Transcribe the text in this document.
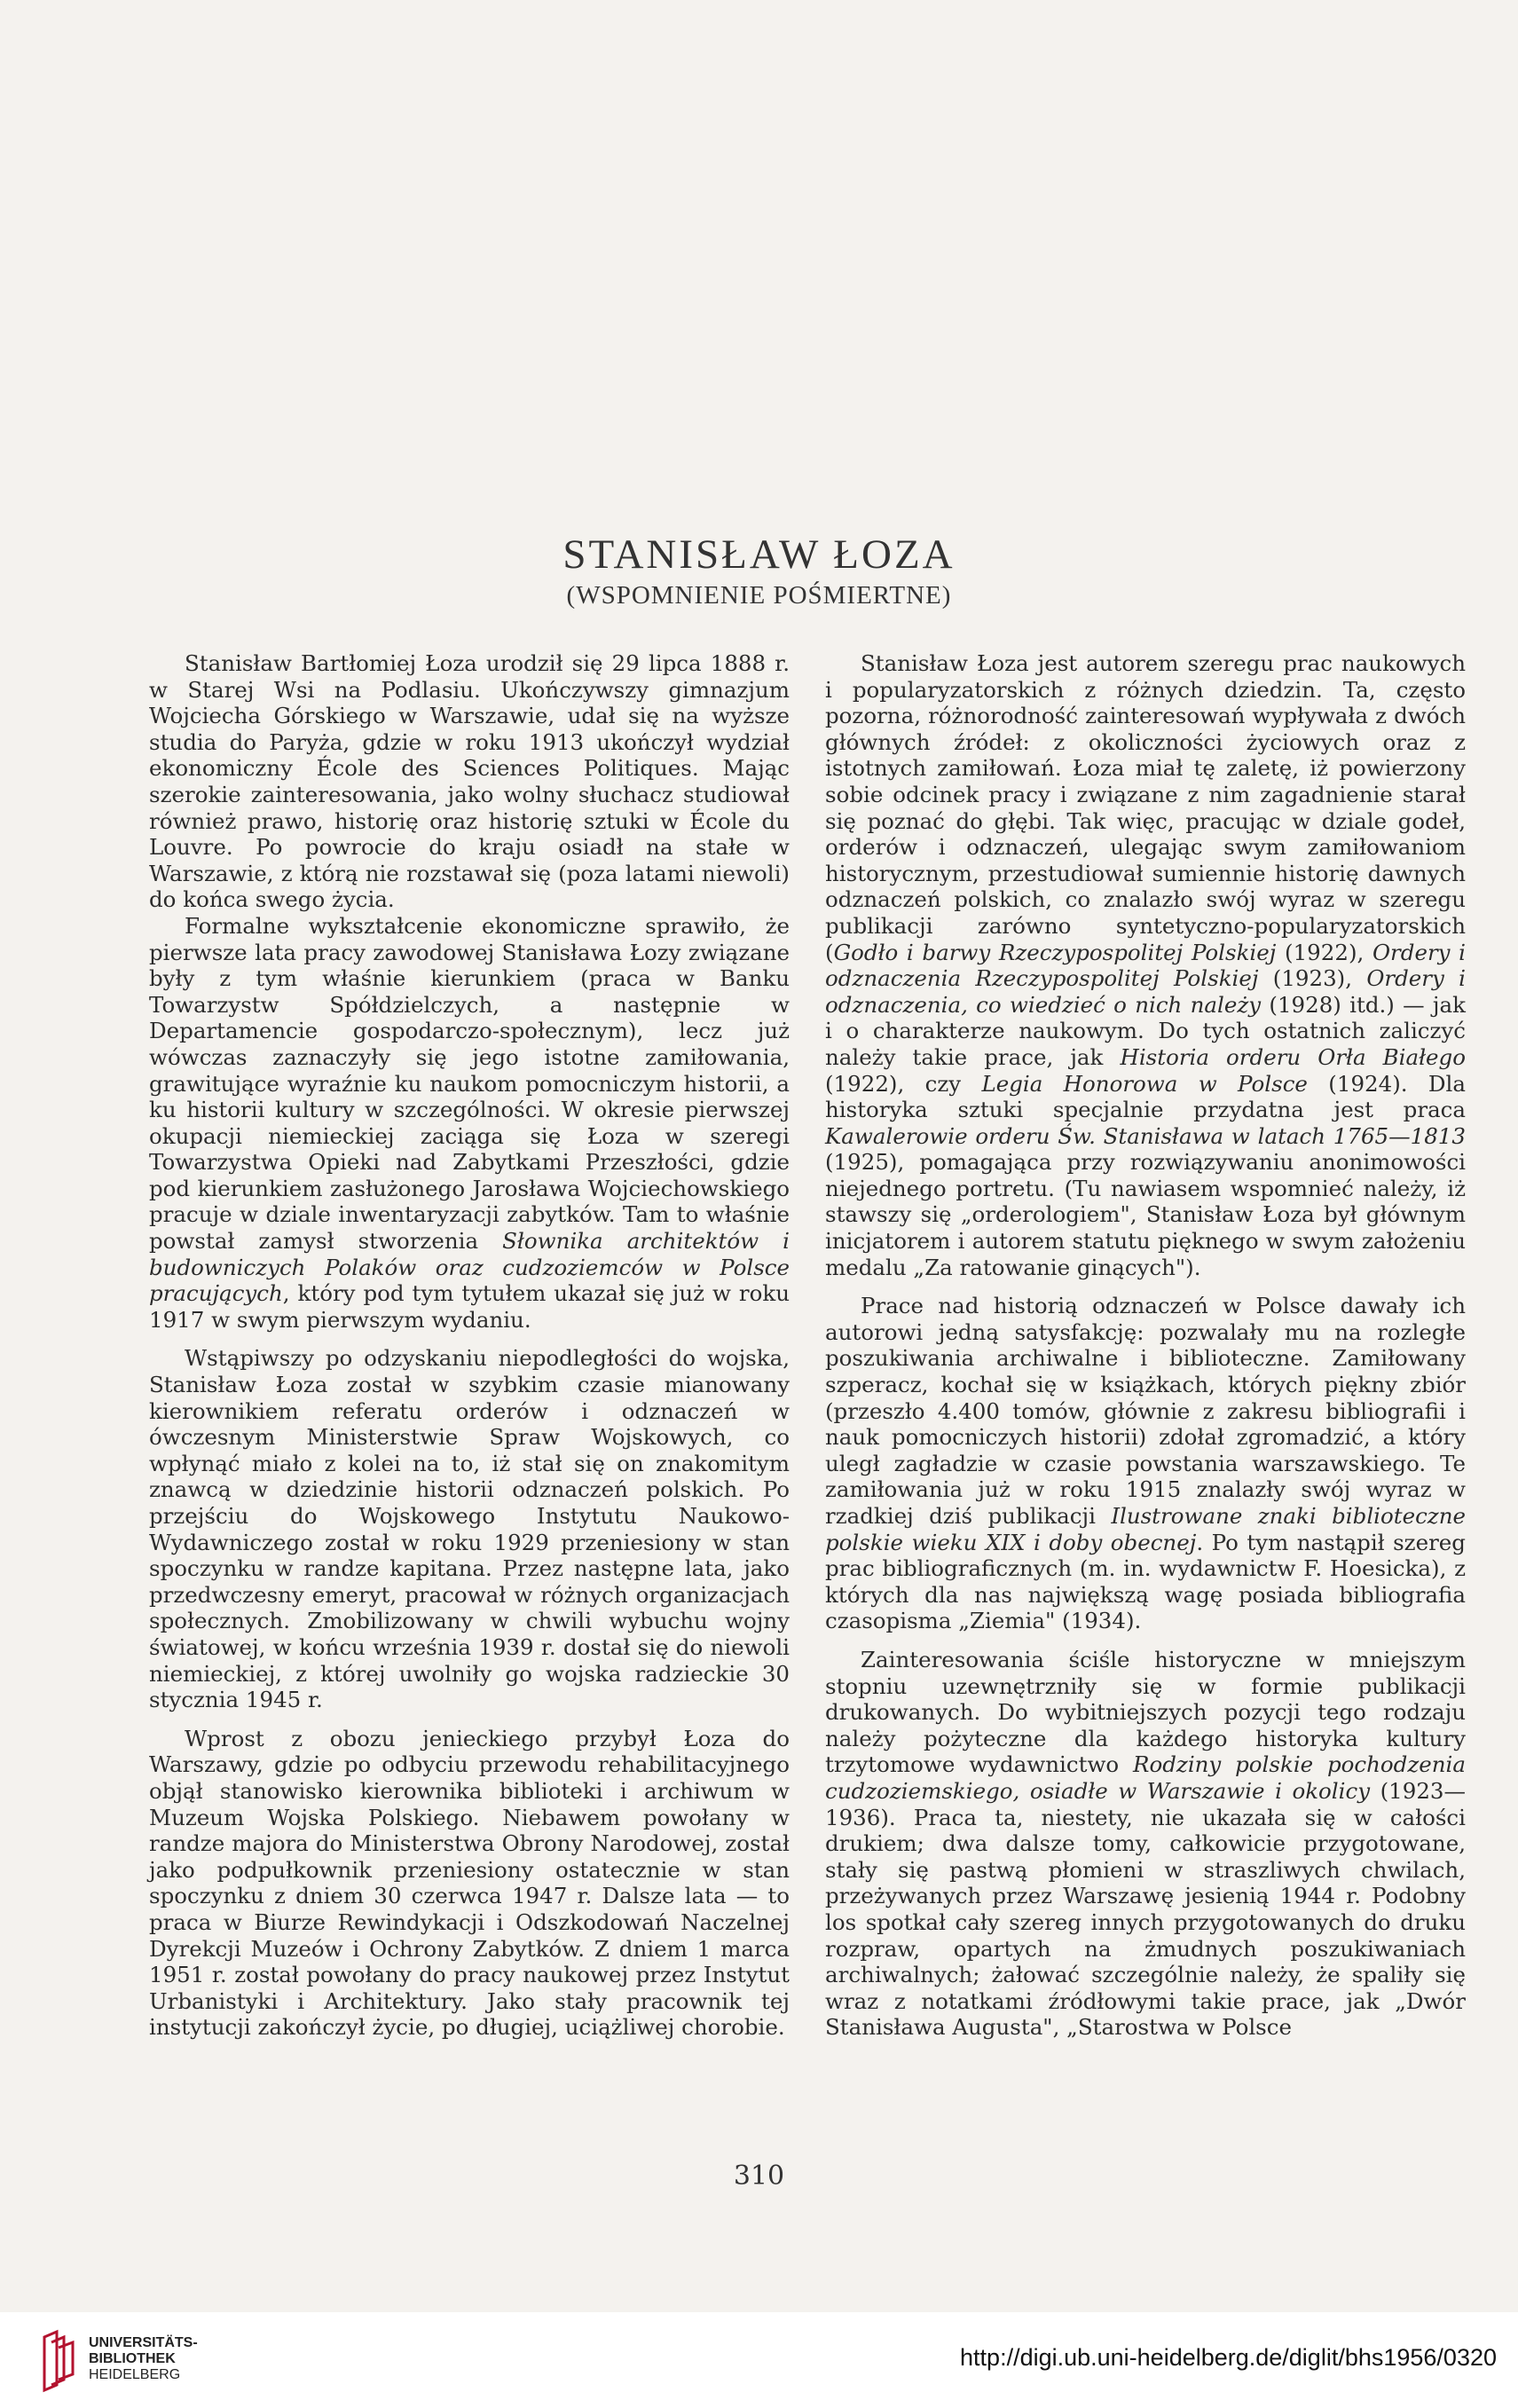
STANISŁAW ŁOZA
(WSPOMNIENIE POŚMIERTNE)

Stanisław Bartłomiej Łoza urodził się 29 lipca 1888 r. w Starej Wsi na Podlasiu. Ukończywszy gimnazjum Wojciecha Górskiego w Warszawie, udał się na wyższe studia do Paryża, gdzie w roku 1913 ukończył wydział ekonomiczny École des Sciences Politiques. Mając szerokie zainteresowania, jako wolny słuchacz studiował również prawo, historię oraz historię sztuki w École du Louvre. Po powrocie do kraju osiadł na stałe w Warszawie, z którą nie rozstawał się (poza latami niewoli) do końca swego życia.

Formalne wykształcenie ekonomiczne sprawiło, że pierwsze lata pracy zawodowej Stanisława Łozy związane były z tym właśnie kierunkiem (praca w Banku Towarzystw Spółdzielczych, a następnie w Departamencie gospodarczo-społecznym), lecz już wówczas zaznaczyły się jego istotne zamiłowania, grawitujące wyraźnie ku naukom pomocniczym historii, a ku historii kultury w szczególności. W okresie pierwszej okupacji niemieckiej zaciąga się Łoza w szeregi Towarzystwa Opieki nad Zabytkami Przeszłości, gdzie pod kierunkiem zasłużonego Jarosława Wojciechowskiego pracuje w dziale inwentaryzacji zabytków. Tam to właśnie powstał zamysł stworzenia Słownika architektów i budowniczych Polaków oraz cudzoziemców w Polsce pracujących, który pod tym tytułem ukazał się już w roku 1917 w swym pierwszym wydaniu.

Wstąpiwszy po odzyskaniu niepodległości do wojska, Stanisław Łoza został w szybkim czasie mianowany kierownikiem referatu orderów i odznaczeń w ówczesnym Ministerstwie Spraw Wojskowych, co wpłynąć miało z kolei na to, iż stał się on znakomitym znawcą w dziedzinie historii odznaczeń polskich. Po przejściu do Wojskowego Instytutu Naukowo-Wydawniczego został w roku 1929 przeniesiony w stan spoczynku w randze kapitana. Przez następne lata, jako przedwczesny emeryt, pracował w różnych organizacjach społecznych. Zmobilizowany w chwili wybuchu wojny światowej, w końcu września 1939 r. dostał się do niewoli niemieckiej, z której uwolniły go wojska radzieckie 30 stycznia 1945 r.

Wprost z obozu jenieckiego przybył Łoza do Warszawy, gdzie po odbyciu przewodu rehabilitacyjnego objął stanowisko kierownika biblioteki i archiwum w Muzeum Wojska Polskiego. Niebawem powołany w randze majora do Ministerstwa Obrony Narodowej, został jako podpułkownik przeniesiony ostatecznie w stan spoczynku z dniem 30 czerwca 1947 r. Dalsze lata — to praca w Biurze Rewindykacji i Odszkodowań Naczelnej Dyrekcji Muzeów i Ochrony Zabytków. Z dniem 1 marca 1951 r. został powołany do pracy naukowej przez Instytut Urbanistyki i Architektury. Jako stały pracownik tej instytucji zakończył życie, po długiej, uciążliwej chorobie.

Stanisław Łoza jest autorem szeregu prac naukowych i popularyzatorskich z różnych dziedzin. Ta, często pozorna, różnorodność zainteresowań wypływała z dwóch głównych źródeł: z okoliczności życiowych oraz z istotnych zamiłowań. Łoza miał tę zaletę, iż powierzony sobie odcinek pracy i związane z nim zagadnienie starał się poznać do głębi. Tak więc, pracując w dziale godeł, orderów i odznaczeń, ulegając swym zamiłowaniom historycznym, przestudiował sumiennie historię dawnych odznaczeń polskich, co znalazło swój wyraz w szeregu publikacji zarówno syntetyczno-popularyzatorskich (Godło i barwy Rzeczypospolitej Polskiej (1922), Ordery i odznaczenia Rzeczypospolitej Polskiej (1923), Ordery i odznaczenia, co wiedzieć o nich należy (1928) itd.) — jak i o charakterze naukowym. Do tych ostatnich zaliczyć należy takie prace, jak Historia orderu Orła Białego (1922), czy Legia Honorowa w Polsce (1924). Dla historyka sztuki specjalnie przydatna jest praca Kawalerowie orderu Św. Stanisława w latach 1765—1813 (1925), pomagająca przy rozwiązywaniu anonimowości niejednego portretu. (Tu nawiasem wspomnieć należy, iż stawszy się „orderologiem", Stanisław Łoza był głównym inicjatorem i autorem statutu pięknego w swym założeniu medalu „Za ratowanie ginących").

Prace nad historią odznaczeń w Polsce dawały ich autorowi jedną satysfakcję: pozwalały mu na rozległe poszukiwania archiwalne i biblioteczne. Zamiłowany szperacz, kochał się w książkach, których piękny zbiór (przeszło 4.400 tomów, głównie z zakresu bibliografii i nauk pomocniczych historii) zdołał zgromadzić, a który uległ zagładzie w czasie powstania warszawskiego. Te zamiłowania już w roku 1915 znalazły swój wyraz w rzadkiej dziś publikacji Ilustrowane znaki biblioteczne polskie wieku XIX i doby obecnej. Po tym nastąpił szereg prac bibliograficznych (m. in. wydawnictw F. Hoesicka), z których dla nas największą wagę posiada bibliografia czasopisma „Ziemia" (1934).

Zainteresowania ściśle historyczne w mniejszym stopniu uzewnętrzniły się w formie publikacji drukowanych. Do wybitniejszych pozycji tego rodzaju należy pożyteczne dla każdego historyka kultury trzytomowe wydawnictwo Rodziny polskie pochodzenia cudzoziemskiego, osiadłe w Warszawie i okolicy (1923—1936). Praca ta, niestety, nie ukazała się w całości drukiem; dwa dalsze tomy, całkowicie przygotowane, stały się pastwą płomieni w straszliwych chwilach, przeżywanych przez Warszawę jesienią 1944 r. Podobny los spotkał cały szereg innych przygotowanych do druku rozpraw, opartych na żmudnych poszukiwaniach archiwalnych; żałować szczególnie należy, że spaliły się wraz z notatkami źródłowymi takie prace, jak „Dwór Stanisława Augusta", „Starostwa w Polsce

310
UNIVERSITÄTS-
BIBLIOTHEK
HEIDELBERG
http://digi.ub.uni-heidelberg.de/diglit/bhs1956/0320
